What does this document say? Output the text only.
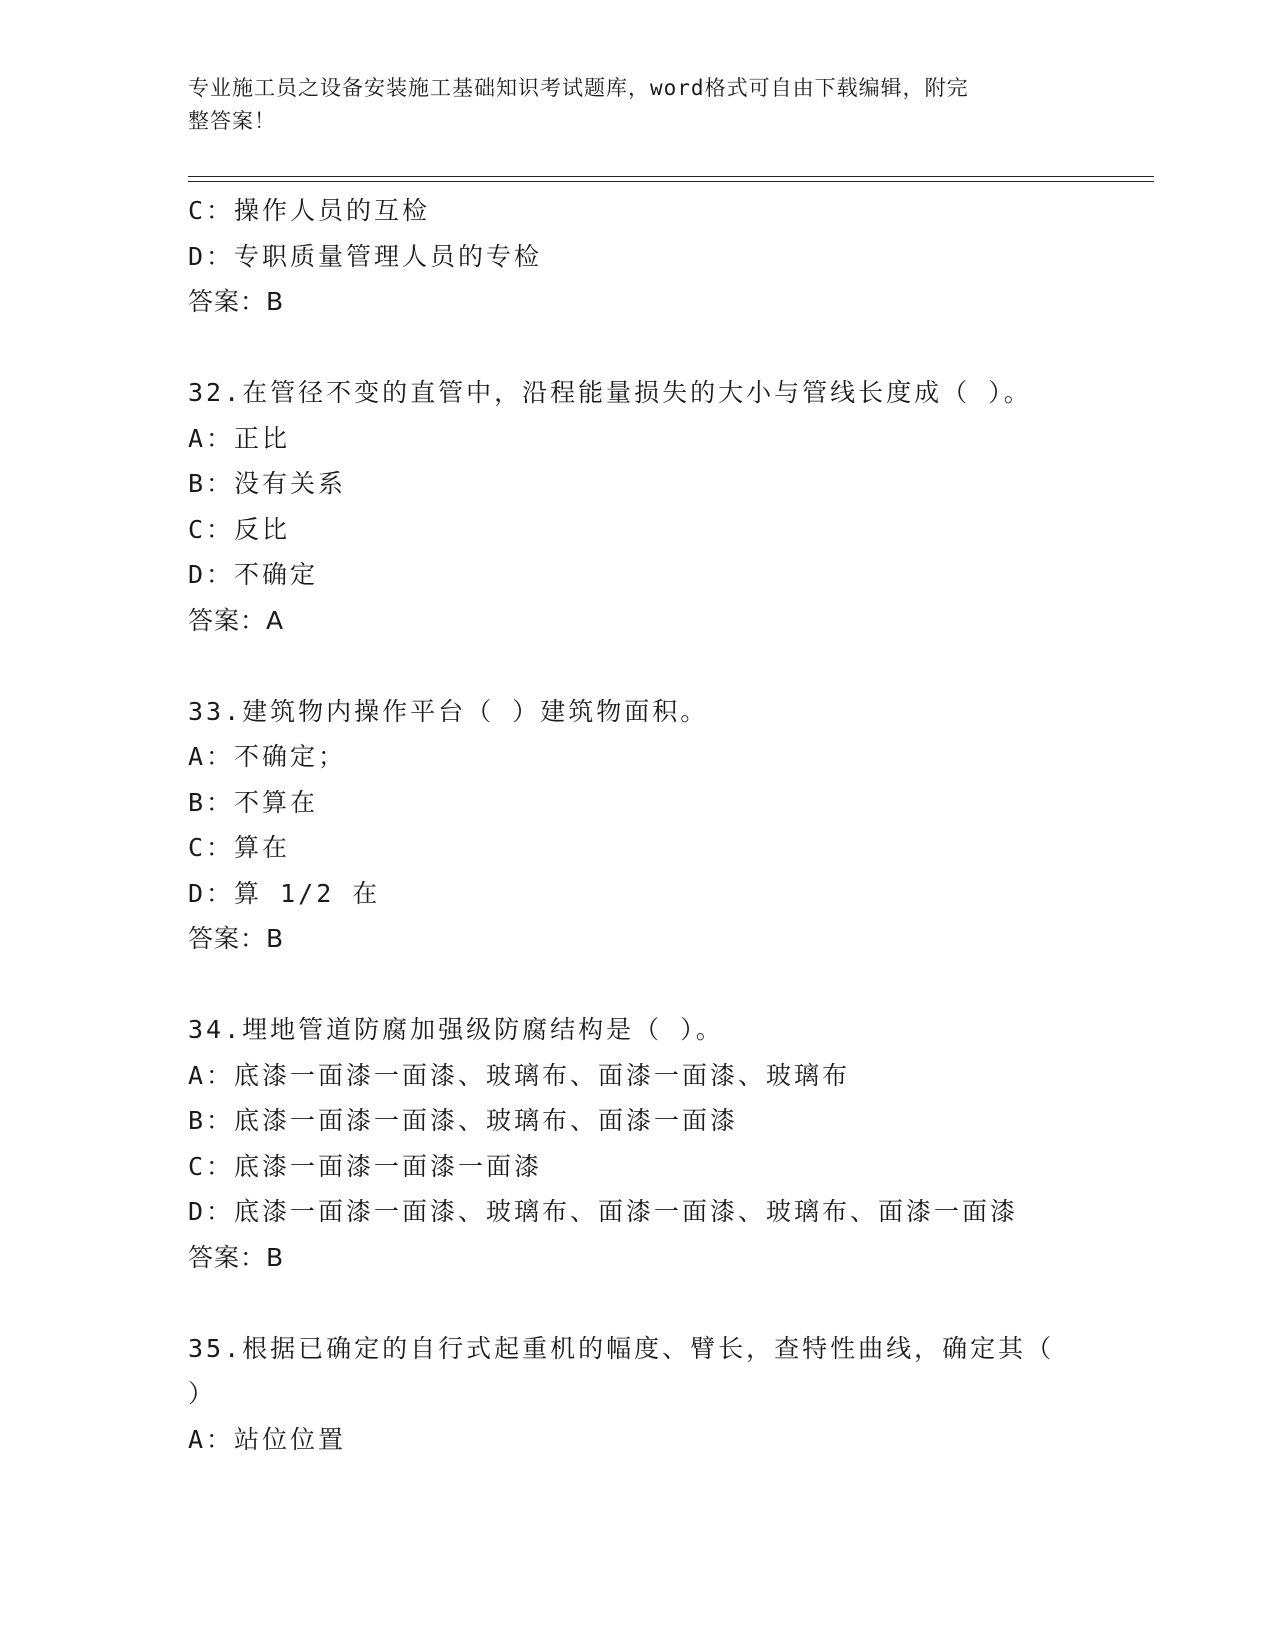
专业施工员之设备安装施工基础知识考试题库，word格式可自由下载编辑，附完
整答案！
C：操作人员的互检
D：专职质量管理人员的专检
答案：B
32.在管径不变的直管中，沿程能量损失的大小与管线长度成（ ）。
A：正比
B：没有关系
C：反比
D：不确定
答案：A
33.建筑物内操作平台（ ）建筑物面积。
A：不确定；
B：不算在
C：算在
D：算 1/2 在
答案：B
34.埋地管道防腐加强级防腐结构是（ ）。
A：底漆一面漆一面漆、玻璃布、面漆一面漆、玻璃布
B：底漆一面漆一面漆、玻璃布、面漆一面漆
C：底漆一面漆一面漆一面漆
D：底漆一面漆一面漆、玻璃布、面漆一面漆、玻璃布、面漆一面漆
答案：B
35.根据已确定的自行式起重机的幅度、臂长，查特性曲线，确定其（
）
A：站位位置
